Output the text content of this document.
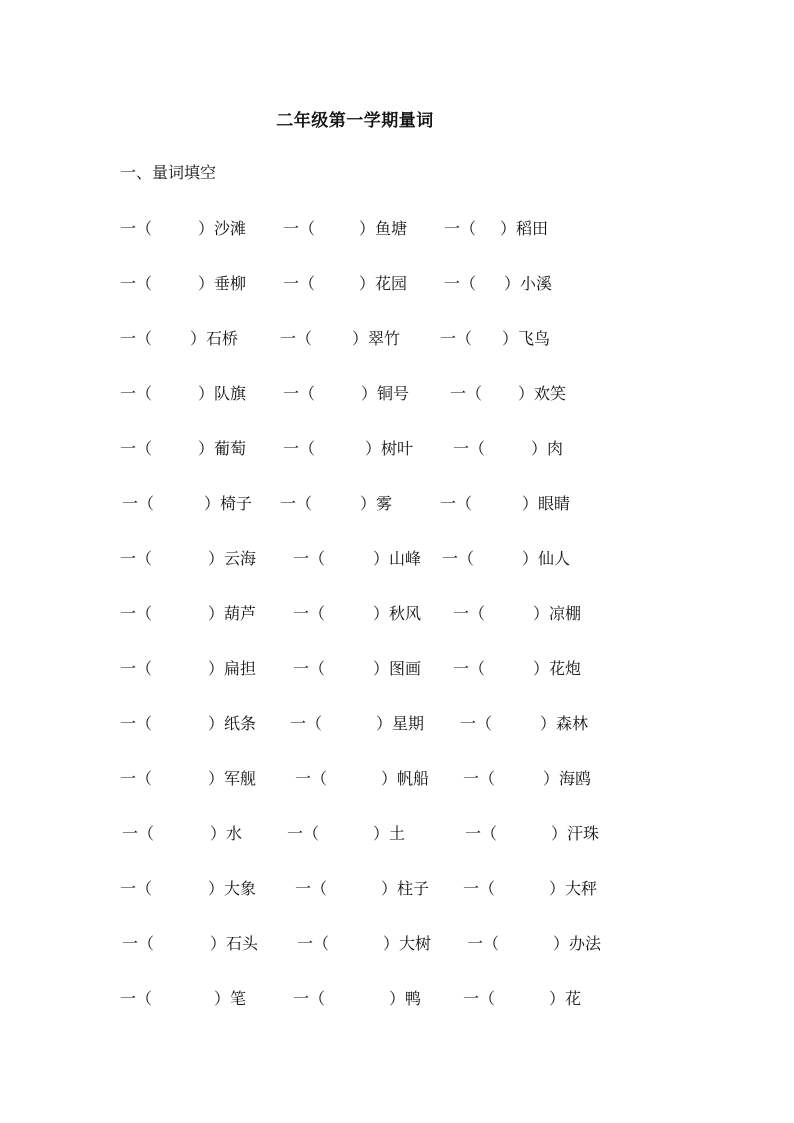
二年级第一学期量词
一、量词填空
一（	）沙滩 一（	）鱼塘 一（ ）稻田
一（	）垂柳 一（	）花园 一（ ）小溪
一（ ）石桥	一（	）翠竹 一（ ）飞鸟
一（	）队旗 一（	）铜号	一（ ）欢笑
一（	）葡萄 一（	）树叶 一（	）肉
一（	）椅子 一（	）雾	一（	）眼睛
一（	）云海 一（	）山峰 一（	）仙人
一（	）葫芦 一（	）秋风 一（	）凉棚
一（	）扁担 一（	）图画 一（	）花炮
一（	）纸条 一（	）星期 一（	）森林
一（	）军舰 一（	）帆船 一（	）海鸥
一（	）水	一（	）土	一（	）汗珠
一（	）大象 一（	）柱子 一（	）大秤
一（	）石头 一（	）大树 一（	）办法
一（	）笔	一（	）鸭	一（	）花
